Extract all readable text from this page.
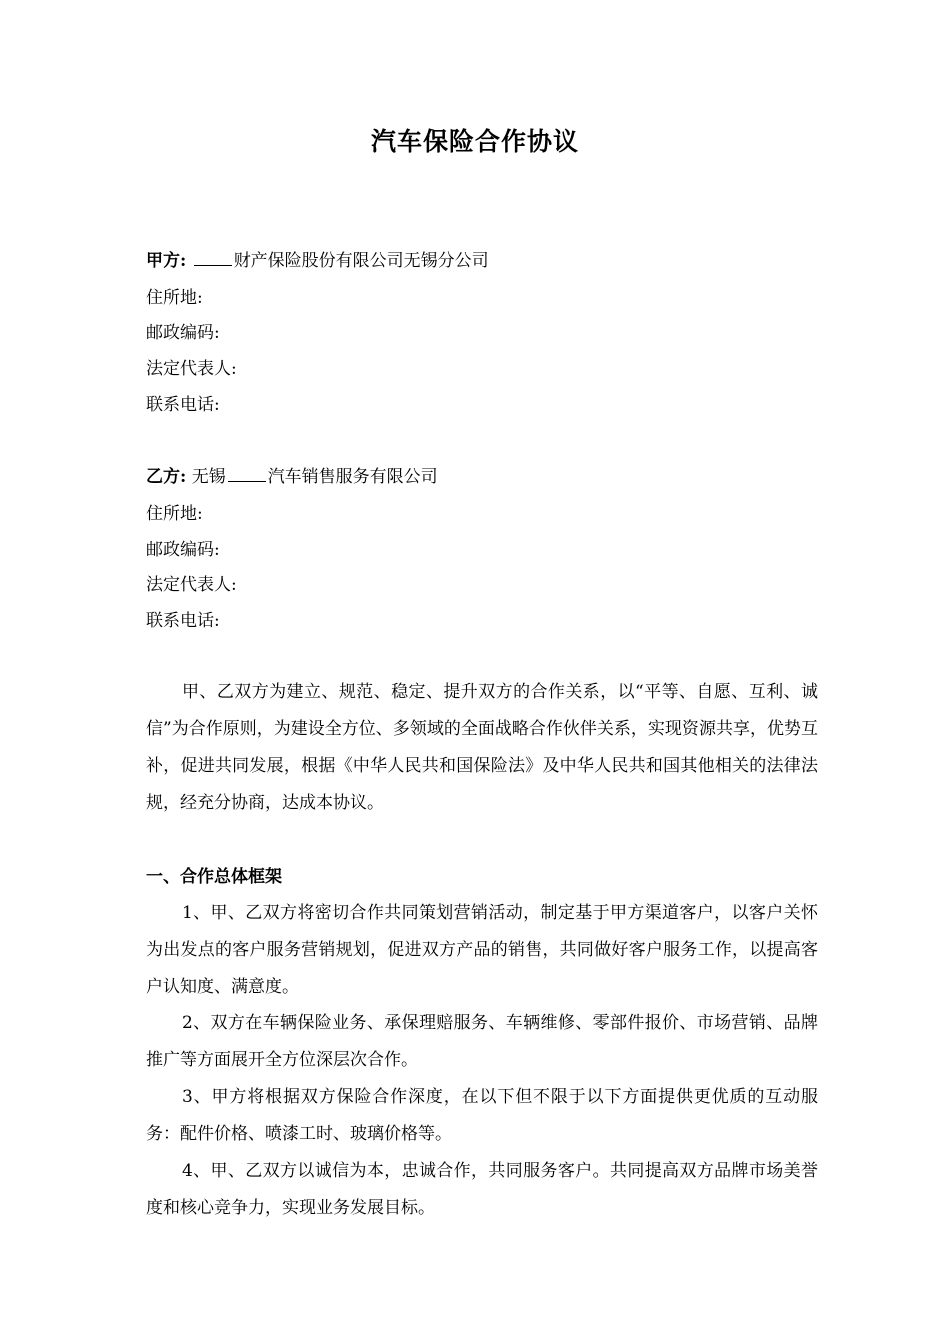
汽车保险合作协议
甲方:	财产保险股份有限公司无锡分公司
住所地:
邮政编码:
法定代表人:
联系电话:
乙方: 无锡 汽车销售服务有限公司
住所地:
邮政编码:
法定代表人:
联系电话:
甲、乙双方为建立、规范、稳定、提升双方的合作关系，以“平等、自愿、互利、诚信”为合作原则，为建设全方位、多领域的全面战略合作伙伴关系，实现资源共享，优势互补，促进共同发展，根据《中华人民共和国保险法》及中华人民共和国其他相关的法律法规，经充分协商，达成本协议。
一、合作总体框架
1、甲、乙双方将密切合作共同策划营销活动，制定基于甲方渠道客户，以客户关怀为出发点的客户服务营销规划，促进双方产品的销售，共同做好客户服务工作，以提高客户认知度、满意度。
2、双方在车辆保险业务、承保理赔服务、车辆维修、零部件报价、市场营销、品牌推广等方面展开全方位深层次合作。
3、甲方将根据双方保险合作深度，在以下但不限于以下方面提供更优质的互动服务：配件价格、喷漆工时、玻璃价格等。
4、甲、乙双方以诚信为本，忠诚合作，共同服务客户。共同提高双方品牌市场美誉度和核心竞争力，实现业务发展目标。
